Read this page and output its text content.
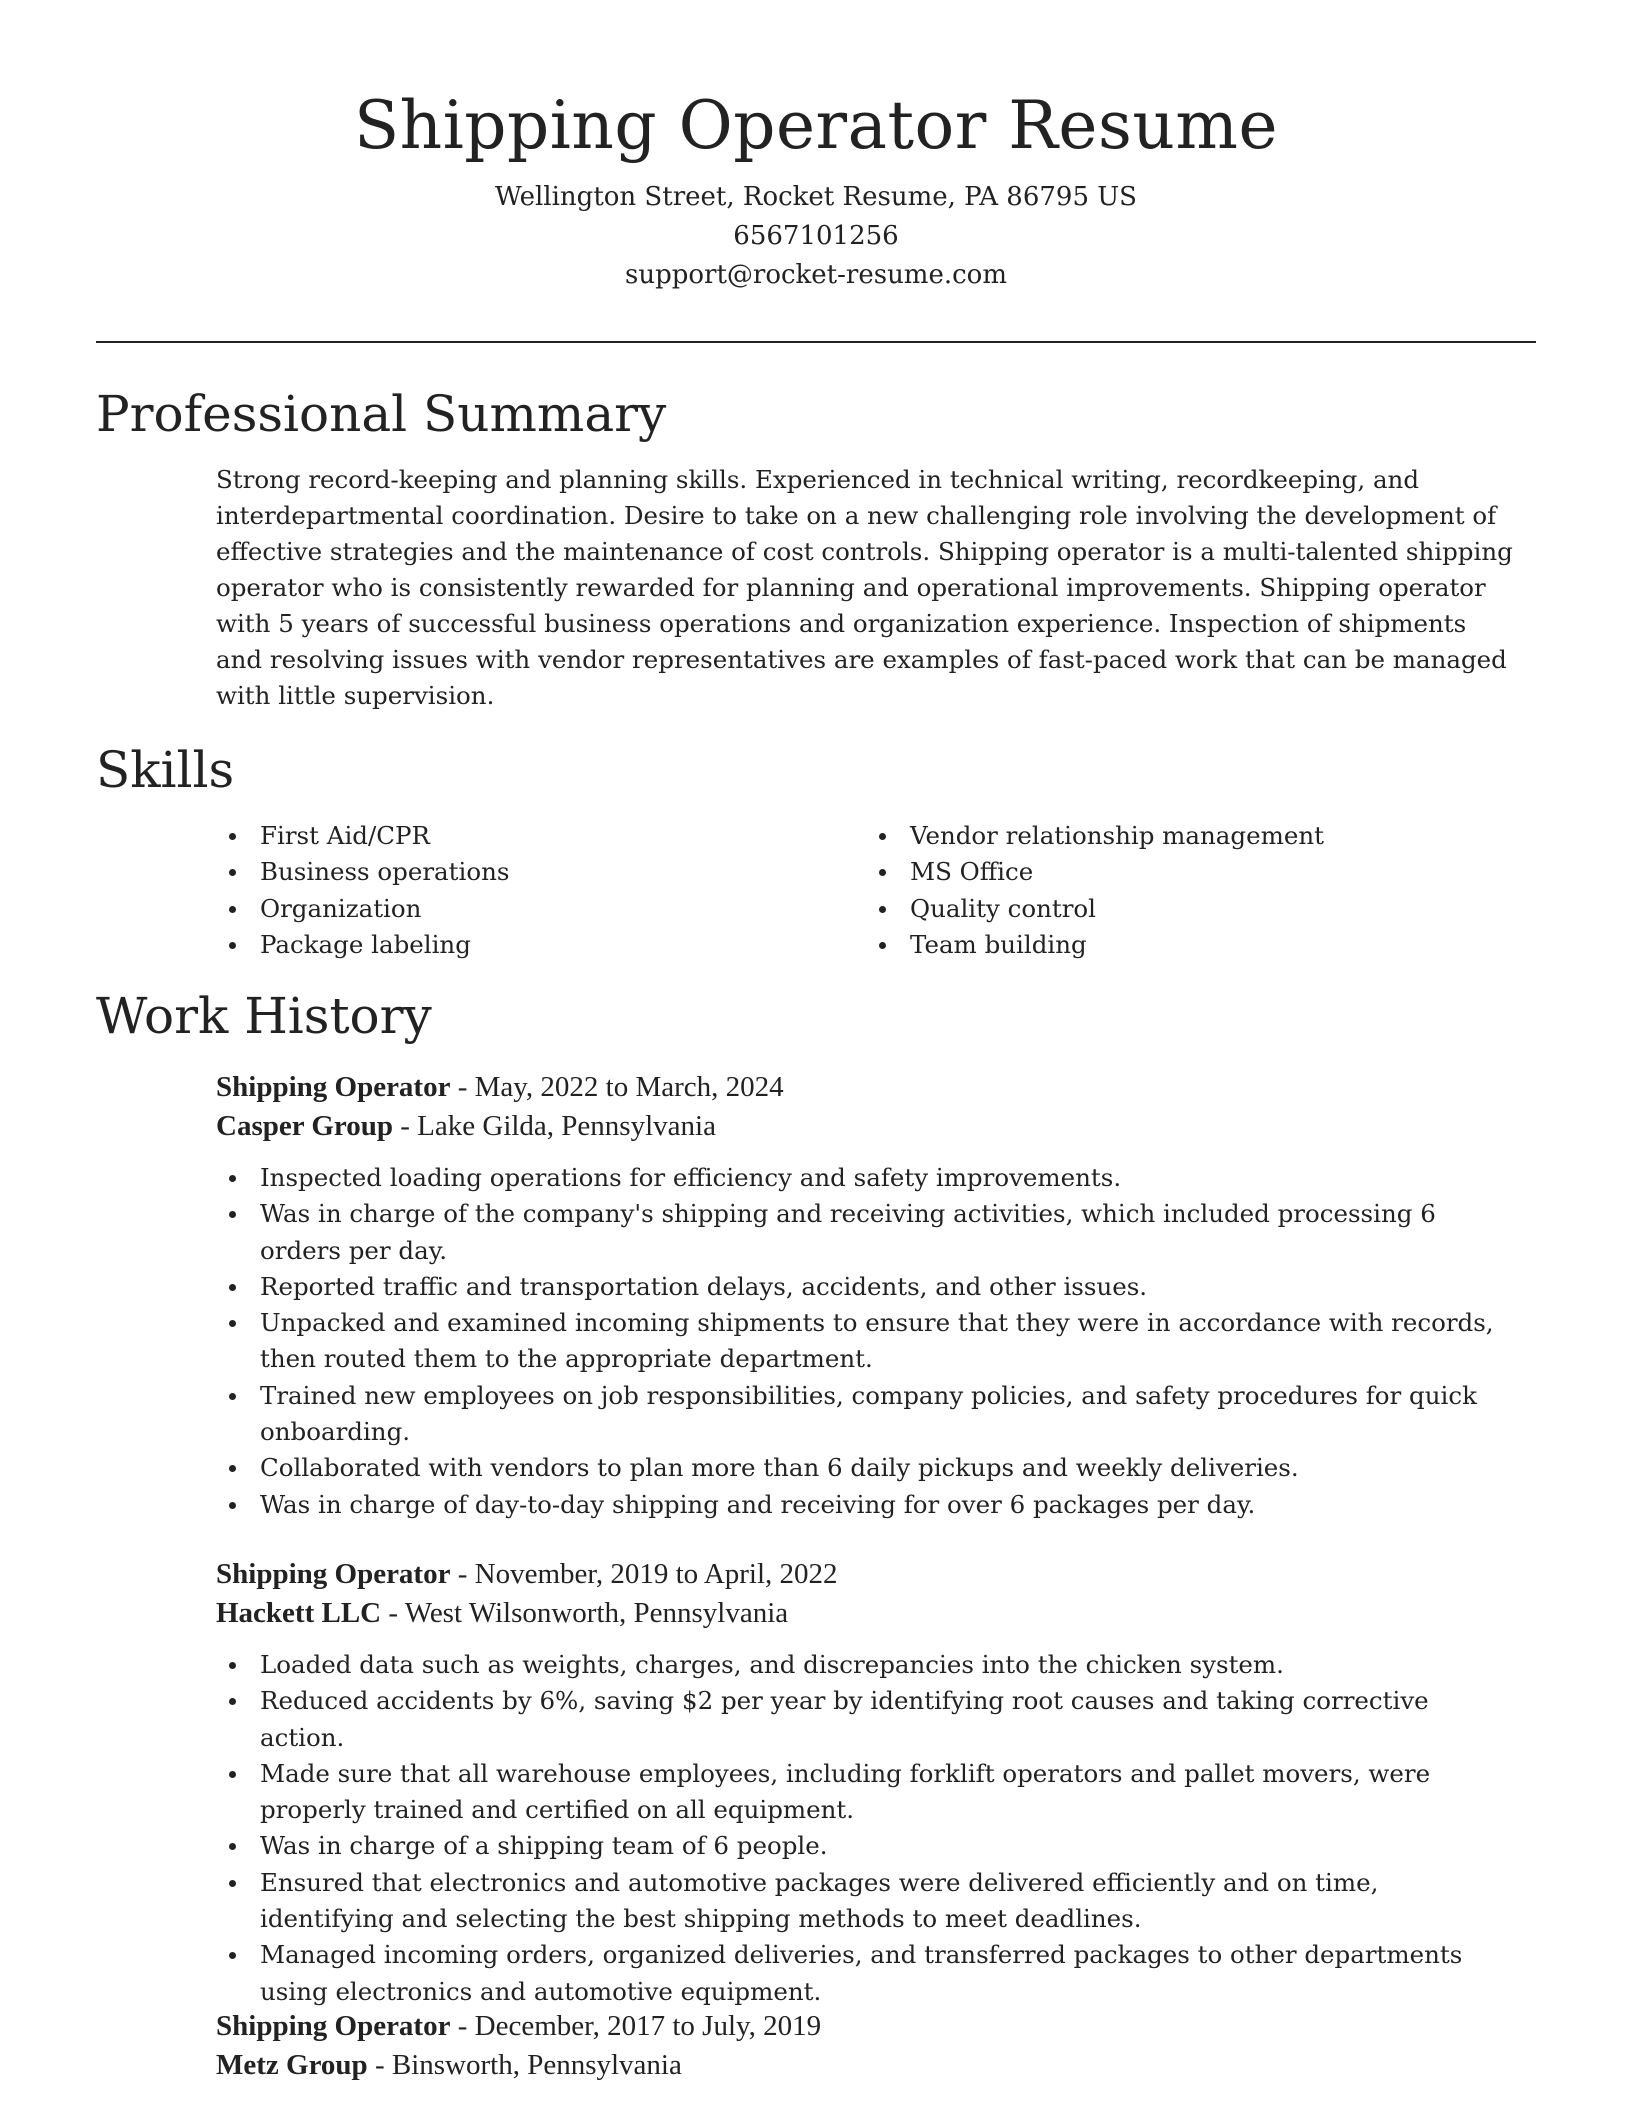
Shipping Operator Resume

Wellington Street, Rocket Resume, PA 86795 US

6567101256

support@rocket-resume.com

Professional Summary

Strong record-keeping and planning skills. Experienced in technical writing, recordkeeping, and interdepartmental coordination. Desire to take on a new challenging role involving the development of effective strategies and the maintenance of cost controls. Shipping operator is a multi-talented shipping operator who is consistently rewarded for planning and operational improvements. Shipping operator with 5 years of successful business operations and organization experience. Inspection of shipments and resolving issues with vendor representatives are examples of fast-paced work that can be managed with little supervision.

Skills
First Aid/CPR
Business operations
Organization
Package labeling
Vendor relationship management
MS Office
Quality control
Team building
Work History

Shipping Operator - May, 2022 to March, 2024

Casper Group - Lake Gilda, Pennsylvania

Inspected loading operations for efficiency and safety improvements.
Was in charge of the company's shipping and receiving activities, which included processing 6 orders per day.
Reported traffic and transportation delays, accidents, and other issues.
Unpacked and examined incoming shipments to ensure that they were in accordance with records, then routed them to the appropriate department.
Trained new employees on job responsibilities, company policies, and safety procedures for quick onboarding.
Collaborated with vendors to plan more than 6 daily pickups and weekly deliveries.
Was in charge of day-to-day shipping and receiving for over 6 packages per day.

Shipping Operator - November, 2019 to April, 2022

Hackett LLC - West Wilsonworth, Pennsylvania

Loaded data such as weights, charges, and discrepancies into the chicken system.
Reduced accidents by 6%, saving $2 per year by identifying root causes and taking corrective action.
Made sure that all warehouse employees, including forklift operators and pallet movers, were properly trained and certified on all equipment.
Was in charge of a shipping team of 6 people.
Ensured that electronics and automotive packages were delivered efficiently and on time, identifying and selecting the best shipping methods to meet deadlines.
Managed incoming orders, organized deliveries, and transferred packages to other departments using electronics and automotive equipment.

Shipping Operator - December, 2017 to July, 2019

Metz Group - Binsworth, Pennsylvania
